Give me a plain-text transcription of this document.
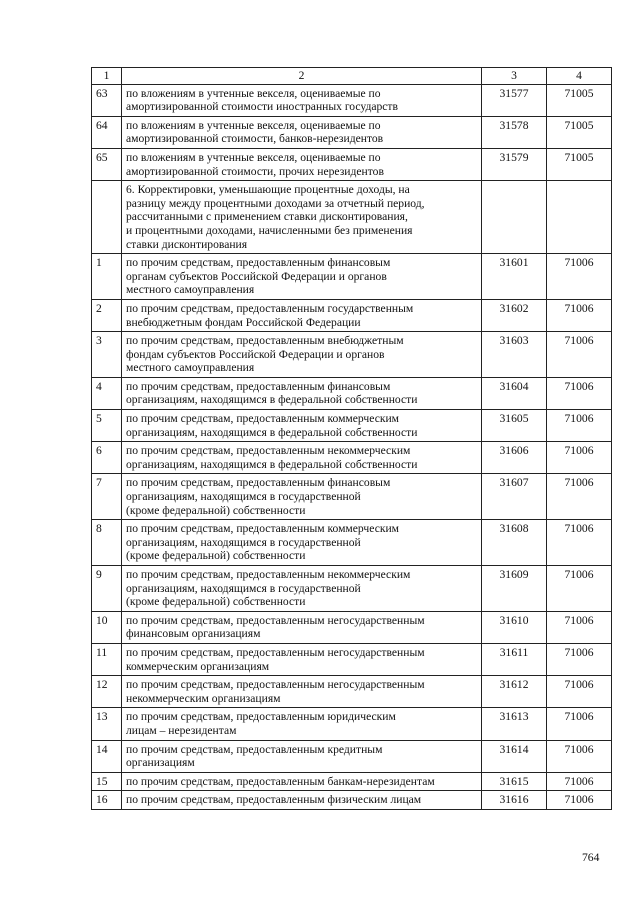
1	2	3	4
63	по вложениям в учтенные векселя, оцениваемые по
амортизированной стоимости иностранных государств	31577	71005
64	по вложениям в учтенные векселя, оцениваемые по
амортизированной стоимости, банков-нерезидентов	31578	71005
65	по вложениям в учтенные векселя, оцениваемые по
амортизированной стоимости, прочих нерезидентов	31579	71005
	6. Корректировки, уменьшающие процентные доходы, на
разницу между процентными доходами за отчетный период,
рассчитанными с применением ставки дисконтирования,
и процентными доходами, начисленными без применения
ставки дисконтирования		
1	по прочим средствам, предоставленным финансовым
органам субъектов Российской Федерации и органов
местного самоуправления	31601	71006
2	по прочим средствам, предоставленным государственным
внебюджетным фондам Российской Федерации	31602	71006
3	по прочим средствам, предоставленным внебюджетным
фондам субъектов Российской Федерации и органов
местного самоуправления	31603	71006
4	по прочим средствам, предоставленным финансовым
организациям, находящимся в федеральной собственности	31604	71006
5	по прочим средствам, предоставленным коммерческим
организациям, находящимся в федеральной собственности	31605	71006
6	по прочим средствам, предоставленным некоммерческим
организациям, находящимся в федеральной собственности	31606	71006
7	по прочим средствам, предоставленным финансовым
организациям, находящимся в государственной
(кроме федеральной) собственности	31607	71006
8	по прочим средствам, предоставленным коммерческим
организациям, находящимся в государственной
(кроме федеральной) собственности	31608	71006
9	по прочим средствам, предоставленным некоммерческим
организациям, находящимся в государственной
(кроме федеральной) собственности	31609	71006
10	по прочим средствам, предоставленным негосударственным
финансовым организациям	31610	71006
11	по прочим средствам, предоставленным негосударственным
коммерческим организациям	31611	71006
12	по прочим средствам, предоставленным негосударственным
некоммерческим организациям	31612	71006
13	по прочим средствам, предоставленным юридическим
лицам – нерезидентам	31613	71006
14	по прочим средствам, предоставленным кредитным
организациям	31614	71006
15	по прочим средствам, предоставленным банкам-нерезидентам	31615	71006
16	по прочим средствам, предоставленным физическим лицам	31616	71006
764
